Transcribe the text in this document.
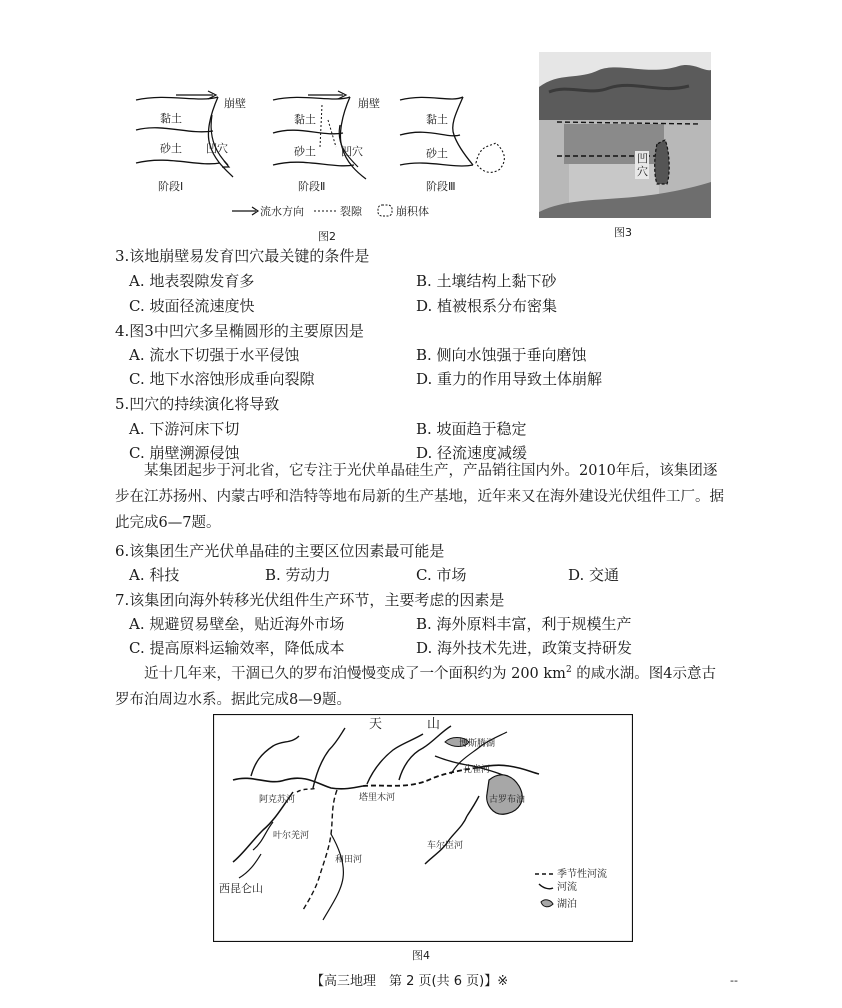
黏土
砂土
崩壁
凹穴
阶段Ⅰ
黏土
砂土
崩壁
凹穴
阶段Ⅱ
黏土
砂土
阶段Ⅲ
流水方向	裂隙	崩积体
图2
凹穴
图3
3.该地崩壁易发育凹穴最关键的条件是
A. 地表裂隙发育多	B. 土壤结构上黏下砂
C. 坡面径流速度快	D. 植被根系分布密集
4.图3中凹穴多呈椭圆形的主要原因是
A. 流水下切强于水平侵蚀	B. 侧向水蚀强于垂向磨蚀
C. 地下水溶蚀形成垂向裂隙	D. 重力的作用导致土体崩解
5.凹穴的持续演化将导致
A. 下游河床下切	B. 坡面趋于稳定
C. 崩壁溯源侵蚀	D. 径流速度减缓
某集团起步于河北省，它专注于光伏单晶硅生产，产品销往国内外。2010年后，该集团逐步在江苏扬州、内蒙古呼和浩特等地布局新的生产基地，近年来又在海外建设光伏组件工厂。据此完成6—7题。
6.该集团生产光伏单晶硅的主要区位因素最可能是
A. 科技	B. 劳动力	C. 市场	D. 交通
7.该集团向海外转移光伏组件生产环节，主要考虑的因素是
A. 规避贸易壁垒，贴近海外市场	B. 海外原料丰富，利于规模生产
C. 提高原料运输效率，降低成本	D. 海外技术先进，政策支持研发
近十几年来，干涸已久的罗布泊慢慢变成了一个面积约为 200 $km^2$ 的咸水湖。图4示意古罗布泊周边水系。据此完成8—9题。
天	山
博斯腾湖
孔雀河
古罗布泊
阿克苏河	塔里木河
叶尔羌河
和田河
车尔臣河
西昆仑山
季节性河流
河流
湖泊
图4
【高三地理　第 2 页(共 6 页)】※	--
